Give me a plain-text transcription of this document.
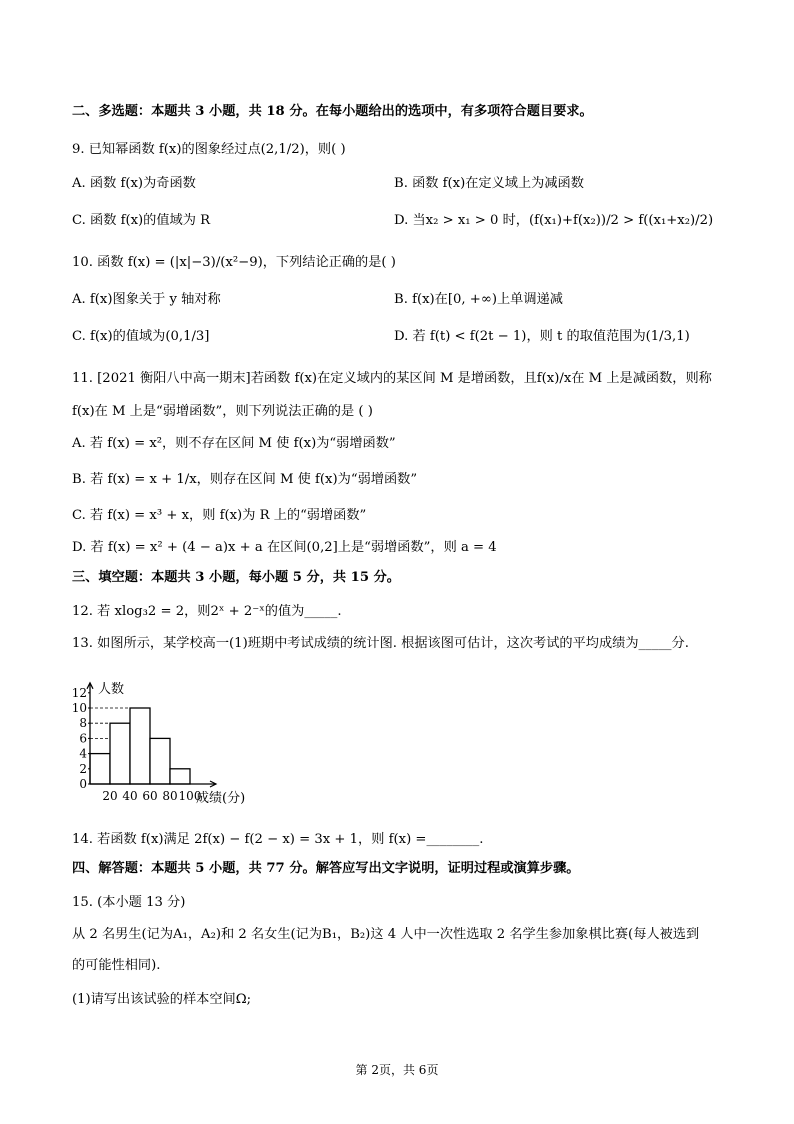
二、多选题：本题共 3 小题，共 18 分。在每小题给出的选项中，有多项符合题目要求。
9. 已知幂函数 f(x)的图象经过点(2,1/2)，则( )
A. 函数 f(x)为奇函数	B. 函数 f(x)在定义域上为减函数
C. 函数 f(x)的值域为 R	D. 当x₂ > x₁ > 0 时，(f(x₁)+f(x₂))/2 > f((x₁+x₂)/2)
10. 函数 f(x) = (|x|−3)/(x²−9)，下列结论正确的是( )
A. f(x)图象关于 y 轴对称	B. f(x)在[0, +∞)上单调递减
C. f(x)的值域为(0,1/3]	D. 若 f(t) < f(2t − 1)，则 t 的取值范围为(1/3,1)
11. [2021 衡阳八中高一期末]若函数 f(x)在定义域内的某区间 M 是增函数，且f(x)/x在 M 上是减函数，则称
f(x)在 M 上是“弱增函数”，则下列说法正确的是 ( )
A. 若 f(x) = x²，则不存在区间 M 使 f(x)为“弱增函数”
B. 若 f(x) = x + 1/x，则存在区间 M 使 f(x)为“弱增函数”
C. 若 f(x) = x³ + x，则 f(x)为 R 上的“弱增函数”
D. 若 f(x) = x² + (4 − a)x + a 在区间(0,2]上是“弱增函数”，则 a = 4
三、填空题：本题共 3 小题，每小题 5 分，共 15 分。
12. 若 xlog₃2 = 2，则2ˣ + 2⁻ˣ的值为_____.
13. 如图所示，某学校高一(1)班期中考试成绩的统计图. 根据该图可估计，这次考试的平均成绩为_____分.
0
2
4
6
8
10
12
20 40 60 80 100
人数
成绩(分)
14. 若函数 f(x)满足 2f(x) − f(2 − x) = 3x + 1，则 f(x) =________.
四、解答题：本题共 5 小题，共 77 分。解答应写出文字说明，证明过程或演算步骤。
15. (本小题 13 分)
从 2 名男生(记为A₁，A₂)和 2 名女生(记为B₁，B₂)这 4 人中一次性选取 2 名学生参加象棋比赛(每人被选到
的可能性相同).
(1)请写出该试验的样本空间Ω;
第 2页，共 6页
